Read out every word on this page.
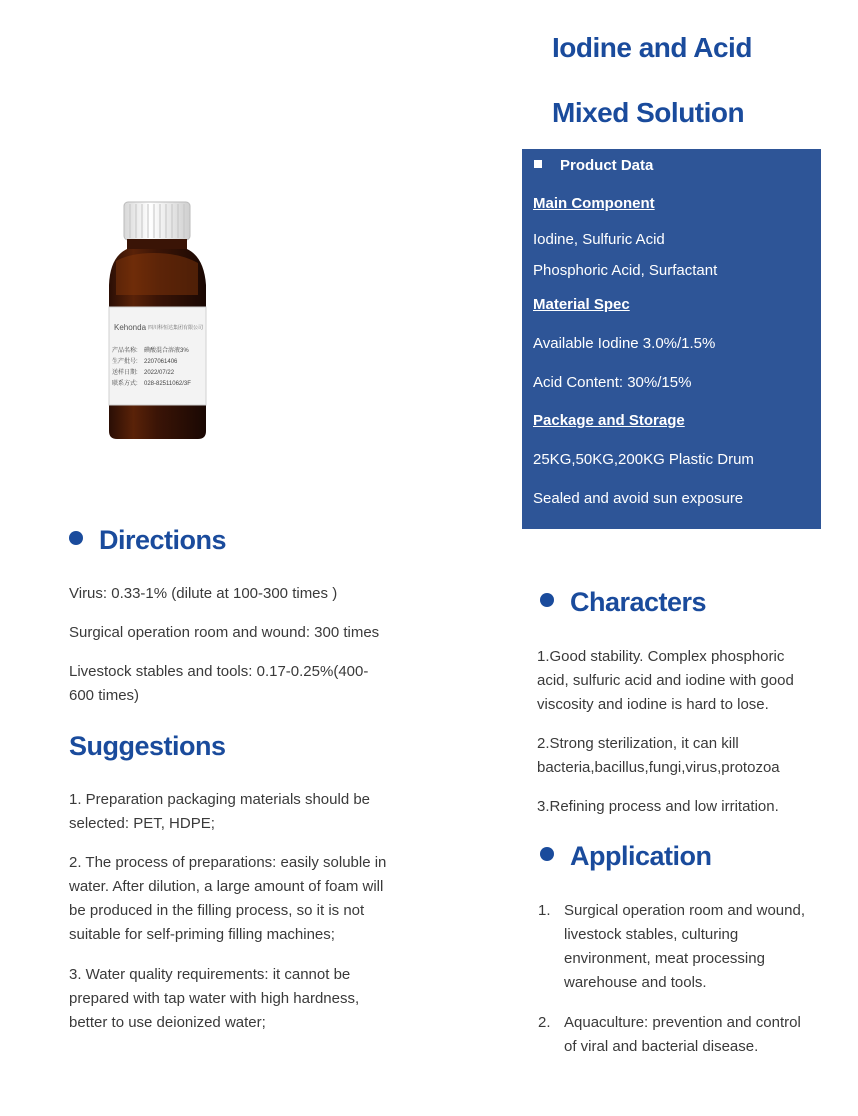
Iodine and Acid
Mixed Solution
Kehonda 四川科恒达集团有限公司
产品名称:
生产批号:
送样日期:
联系方式:
碘酸混合溶液3%
2207061406
2022/07/22
028-82511062/3F
Product Data
Main Component
Iodine, Sulfuric Acid
Phosphoric Acid, Surfactant
Material Spec
Available Iodine 3.0%/1.5%
Acid Content: 30%/15%
Package and Storage
25KG,50KG,200KG Plastic Drum
Sealed and avoid sun exposure
Directions
Virus: 0.33-1% (dilute at 100-300 times )
Surgical operation room and wound: 300 times
Livestock stables and tools: 0.17-0.25%(400-600 times)
Suggestions
1. Preparation packaging materials should be selected: PET, HDPE;
2. The process of preparations: easily soluble in water. After dilution, a large amount of foam will be produced in the filling process, so it is not suitable for self-priming filling machines;
3. Water quality requirements: it cannot be prepared with tap water with high hardness, better to use deionized water;
Characters
1.Good stability. Complex phosphoric acid, sulfuric acid and iodine with good viscosity and iodine is hard to lose.
2.Strong sterilization, it can kill bacteria,bacillus,fungi,virus,protozoa
3.Refining process and low irritation.
Application
1. Surgical operation room and wound, livestock stables, culturing environment, meat processing warehouse and tools.
2. Aquaculture: prevention and control of viral and bacterial disease.
